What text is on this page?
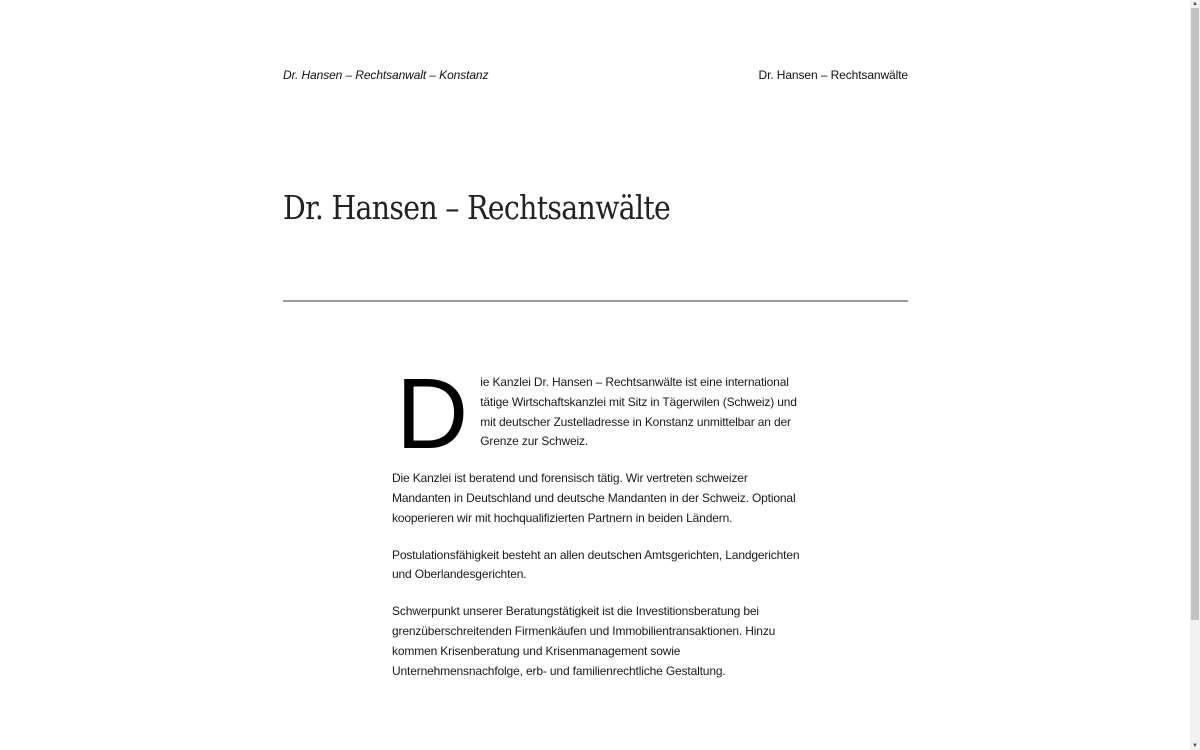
Dr. Hansen – Rechtsanwalt – Konstanz	Dr. Hansen – Rechtsanwälte
Dr. Hansen – Rechtsanwälte

D ie Kanzlei Dr. Hansen – Rechtsanwälte ist eine international tätige Wirtschaftskanzlei mit Sitz in Tägerwilen (Schweiz) und mit deutscher Zustelladresse in Konstanz unmittelbar an der Grenze zur Schweiz.

Die Kanzlei ist beratend und forensisch tätig. Wir vertreten schweizer Mandanten in Deutschland und deutsche Mandanten in der Schweiz. Optional kooperieren wir mit hochqualifizierten Partnern in beiden Ländern.

Postulationsfähigkeit besteht an allen deutschen Amtsgerichten, Landgerichten und Oberlandesgerichten.

Schwerpunkt unserer Beratungstätigkeit ist die Investitionsberatung bei grenzüberschreitenden Firmenkäufen und Immobilientransaktionen. Hinzu kommen Krisenberatung und Krisenmanagement sowie Unternehmensnachfolge, erb- und familienrechtliche Gestaltung.

▲
▼
